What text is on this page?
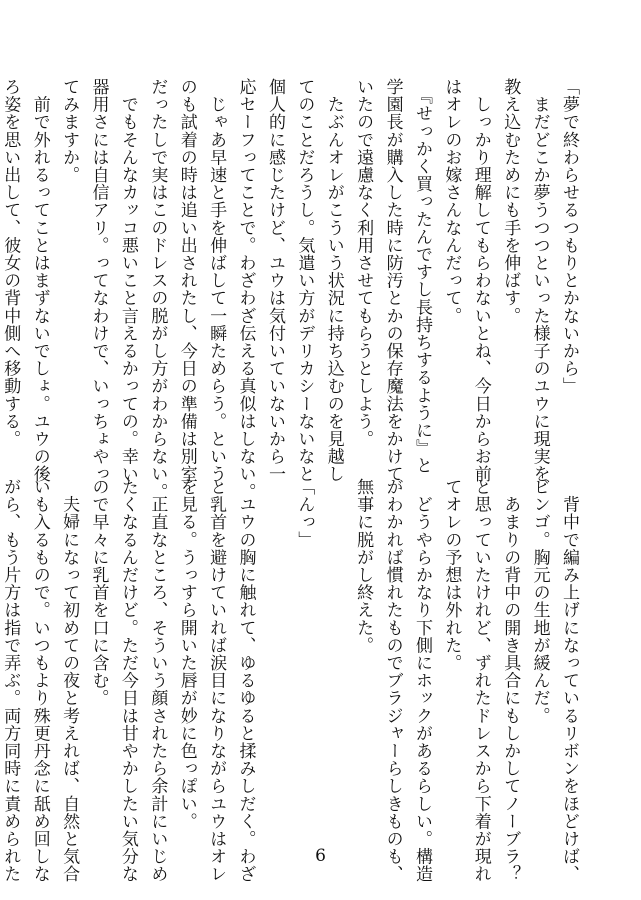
「夢で終わらせるつもりとかないから」
　まだどこか夢うつつといった様子のユウに現実を
教え込むためにも手を伸ばす。
　しっかり理解してもらわないとね、今日からお前
はオレのお嫁さんなんだって。
　『せっかく買ったんですし長持ちするように』と
学園長が購入した時に防汚とかの保存魔法をかけて
いたので遠慮なく利用させてもらうとしよう。
　たぶんオレがこういう状況に持ち込むのを見越し
てのことだろうし。気遣い方がデリカシーないなと
個人的に感じたけど、ユウは気付いていないから一
応セーフってことで。わざわざ伝える真似はしない。
　じゃあ早速と手を伸ばして一瞬ためらう。という
のも試着の時は追い出されたし、今日の準備は別室
だったしで実はこのドレスの脱がし方がわからない。
　でもそんなカッコ悪いこと言えるかっての。幸い
器用さには自信アリ。ってなわけで、いっちょやっ
てみますか。
　前で外れるってことはまずないでしょ。ユウの後
ろ姿を思い出して、彼女の背中側へ移動する。
　背中で編み上げになっているリボンをほどけば、
ビンゴ。胸元の生地が緩んだ。
　あまりの背中の開き具合にもしかしてノーブラ？
と思っていたけれど、ずれたドレスから下着が現れ
てオレの予想は外れた。
　どうやらかなり下側にホックがあるらしい。構造
がわかれば慣れたものでブラジャーらしきものも、
無事に脱がし終えた。

「んっ」

　ユウの胸に触れて、ゆるゆると揉みしだく。わざ
と乳首を避けていれば涙目になりながらユウはオレ
を見る。うっすら開いた唇が妙に色っぽい。
　正直なところ、そういう顔されたら余計にいじめ
たくなるんだけど。ただ今日は甘やかしたい気分な
ので早々に乳首を口に含む。
　夫婦になって初めての夜と考えれば、自然と気合
いも入るもので。いつもより殊更丹念に舐め回しな
がら、もう片方は指で弄ぶ。両方同時に責められた	6
